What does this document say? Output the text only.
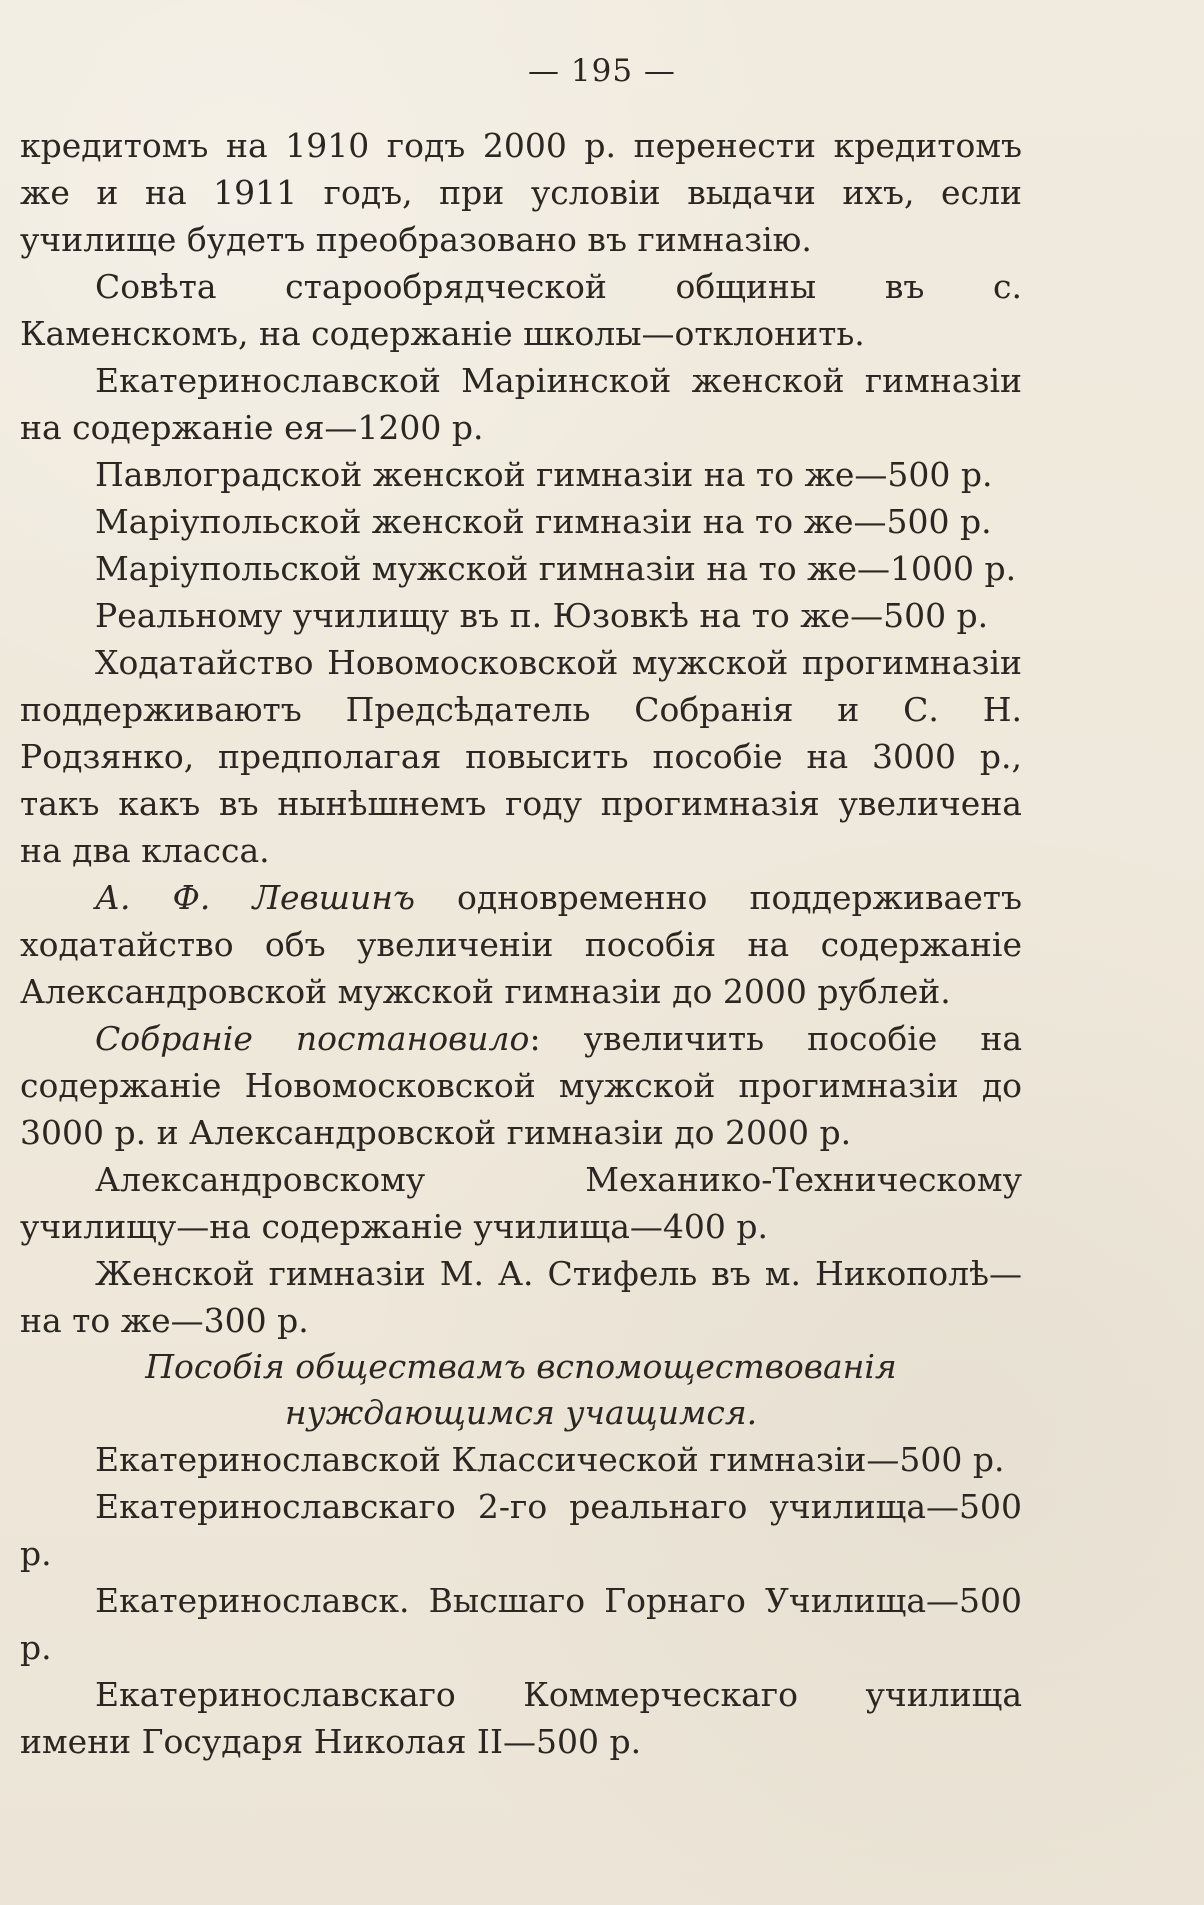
— 195 —

кредитомъ на 1910 годъ 2000 р. перенести кредитомъ же и на 1911 годъ, при условіи выдачи ихъ, если училище будетъ преобразовано въ гимназію.

Совѣта старообрядческой общины въ с. Каменскомъ, на содержаніе школы—отклонить.

Екатеринославской Маріинской женской гимназіи на содержаніе ея—1200 р.

Павлоградской женской гимназіи на то же—500 р.

Маріупольской женской гимназіи на то же—500 р.

Маріупольской мужской гимназіи на то же—1000 р.

Реальному училищу въ п. Юзовкѣ на то же—500 р.

Ходатайство Новомосковской мужской прогимназіи поддерживаютъ Предсѣдатель Собранія и С. Н. Родзянко, предполагая повысить пособіе на 3000 р., такъ какъ въ нынѣшнемъ году прогимназія увеличена на два класса.

А. Ф. Левшинъ одновременно поддерживаетъ ходатайство объ увеличеніи пособія на содержаніе Александровской мужской гимназіи до 2000 рублей.

Собраніе постановило: увеличить пособіе на содержаніе Новомосковской мужской прогимназіи до 3000 р. и Александровской гимназіи до 2000 р.

Александровскому Механико-Техническому училищу—на содержаніе училища—400 р.

Женской гимназіи М. А. Стифель въ м. Никополѣ—на то же—300 р.

Пособія обществамъ вспомоществованія нуждающимся учащимся.

Екатеринославской Классической гимназіи—500 р.

Екатеринославскаго 2-го реальнаго училища—500 р.

Екатеринославск. Высшаго Горнаго Училища—500 р.

Екатеринославскаго Коммерческаго училища имени Государя Николая II—500 р.
